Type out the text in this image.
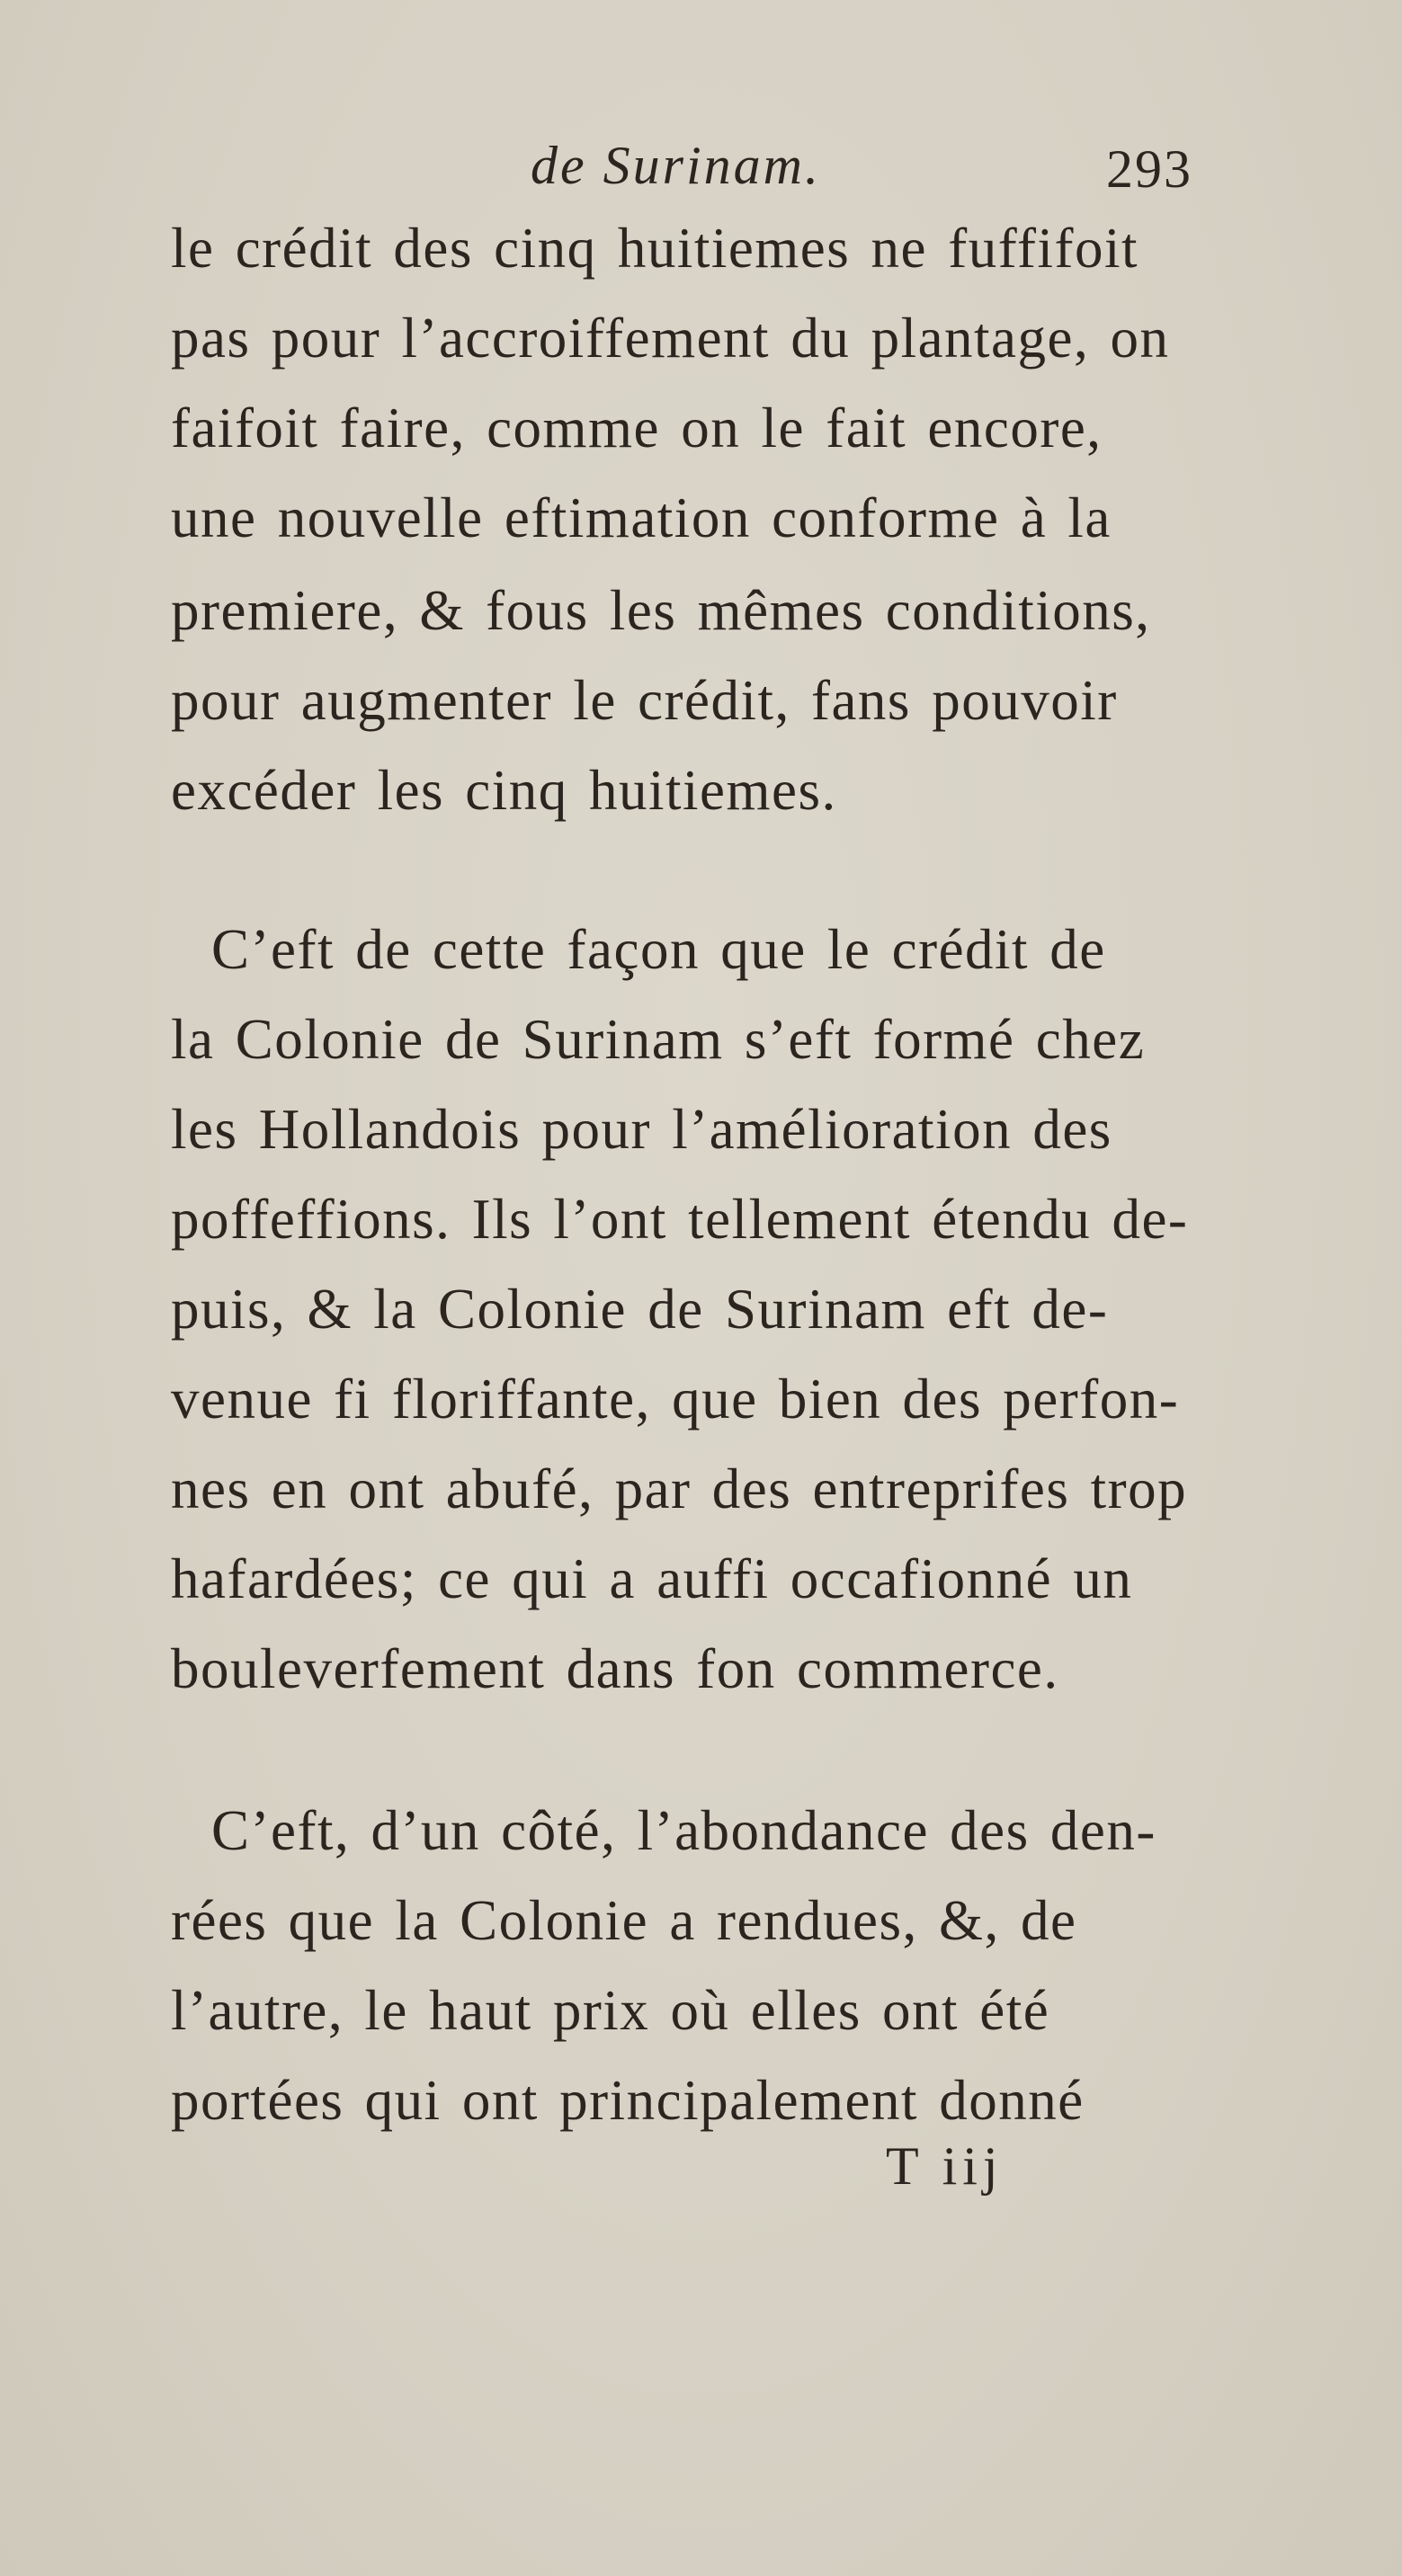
de Surinam.	293
le crédit des cinq huitiemes ne fuffifoit
pas pour l’accroiffement du plantage, on
faifoit faire, comme on le fait encore,
une nouvelle eftimation conforme à la
premiere, & fous les mêmes conditions,
pour augmenter le crédit, fans pouvoir
excéder les cinq huitiemes.
C’eft de cette façon que le crédit de
la Colonie de Surinam s’eft formé chez
les Hollandois pour l’amélioration des
poffeffions. Ils l’ont tellement étendu de-
puis, & la Colonie de Surinam eft de-
venue fi floriffante, que bien des perfon-
nes en ont abufé, par des entreprifes trop
hafardées; ce qui a auffi occafionné un
bouleverfement dans fon commerce.
C’eft, d’un côté, l’abondance des den-
rées que la Colonie a rendues, &, de
l’autre, le haut prix où elles ont été
portées qui ont principalement donné
T iij
